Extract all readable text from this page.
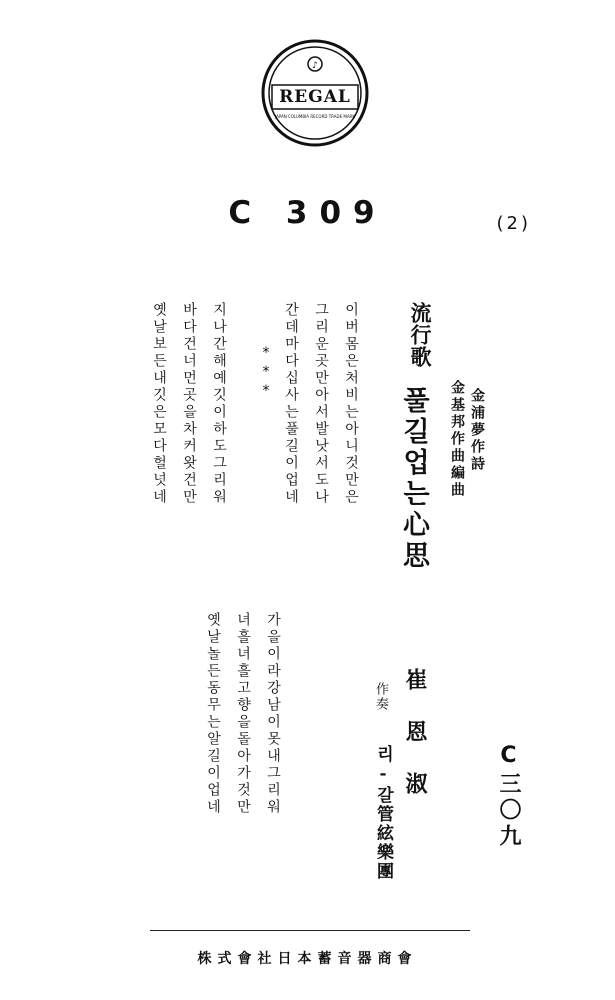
♪
REGAL
JAPAN COLUMBIA RECORD TRADE MARK
C 309	(2)
流行歌
풀길업는心思	金浦夢作詩
金基邦作曲編曲
이버몸은처비는아니것만은
그리운곳만아서발낫서도나
간데마다십사는풀길이업네
***
지나간해예깃이하도그리워
바다건너먼곳을차커왓건만
옛날보든내깃은모다헐넛네
가을이라강남이못내그리워
녀흘녀흘고향을돌아가것만
옛날놀든동무는알길이업네
作奏 崔恩淑
리-갈管絃樂團	C三〇九
株式會社日本蓄音器商會
